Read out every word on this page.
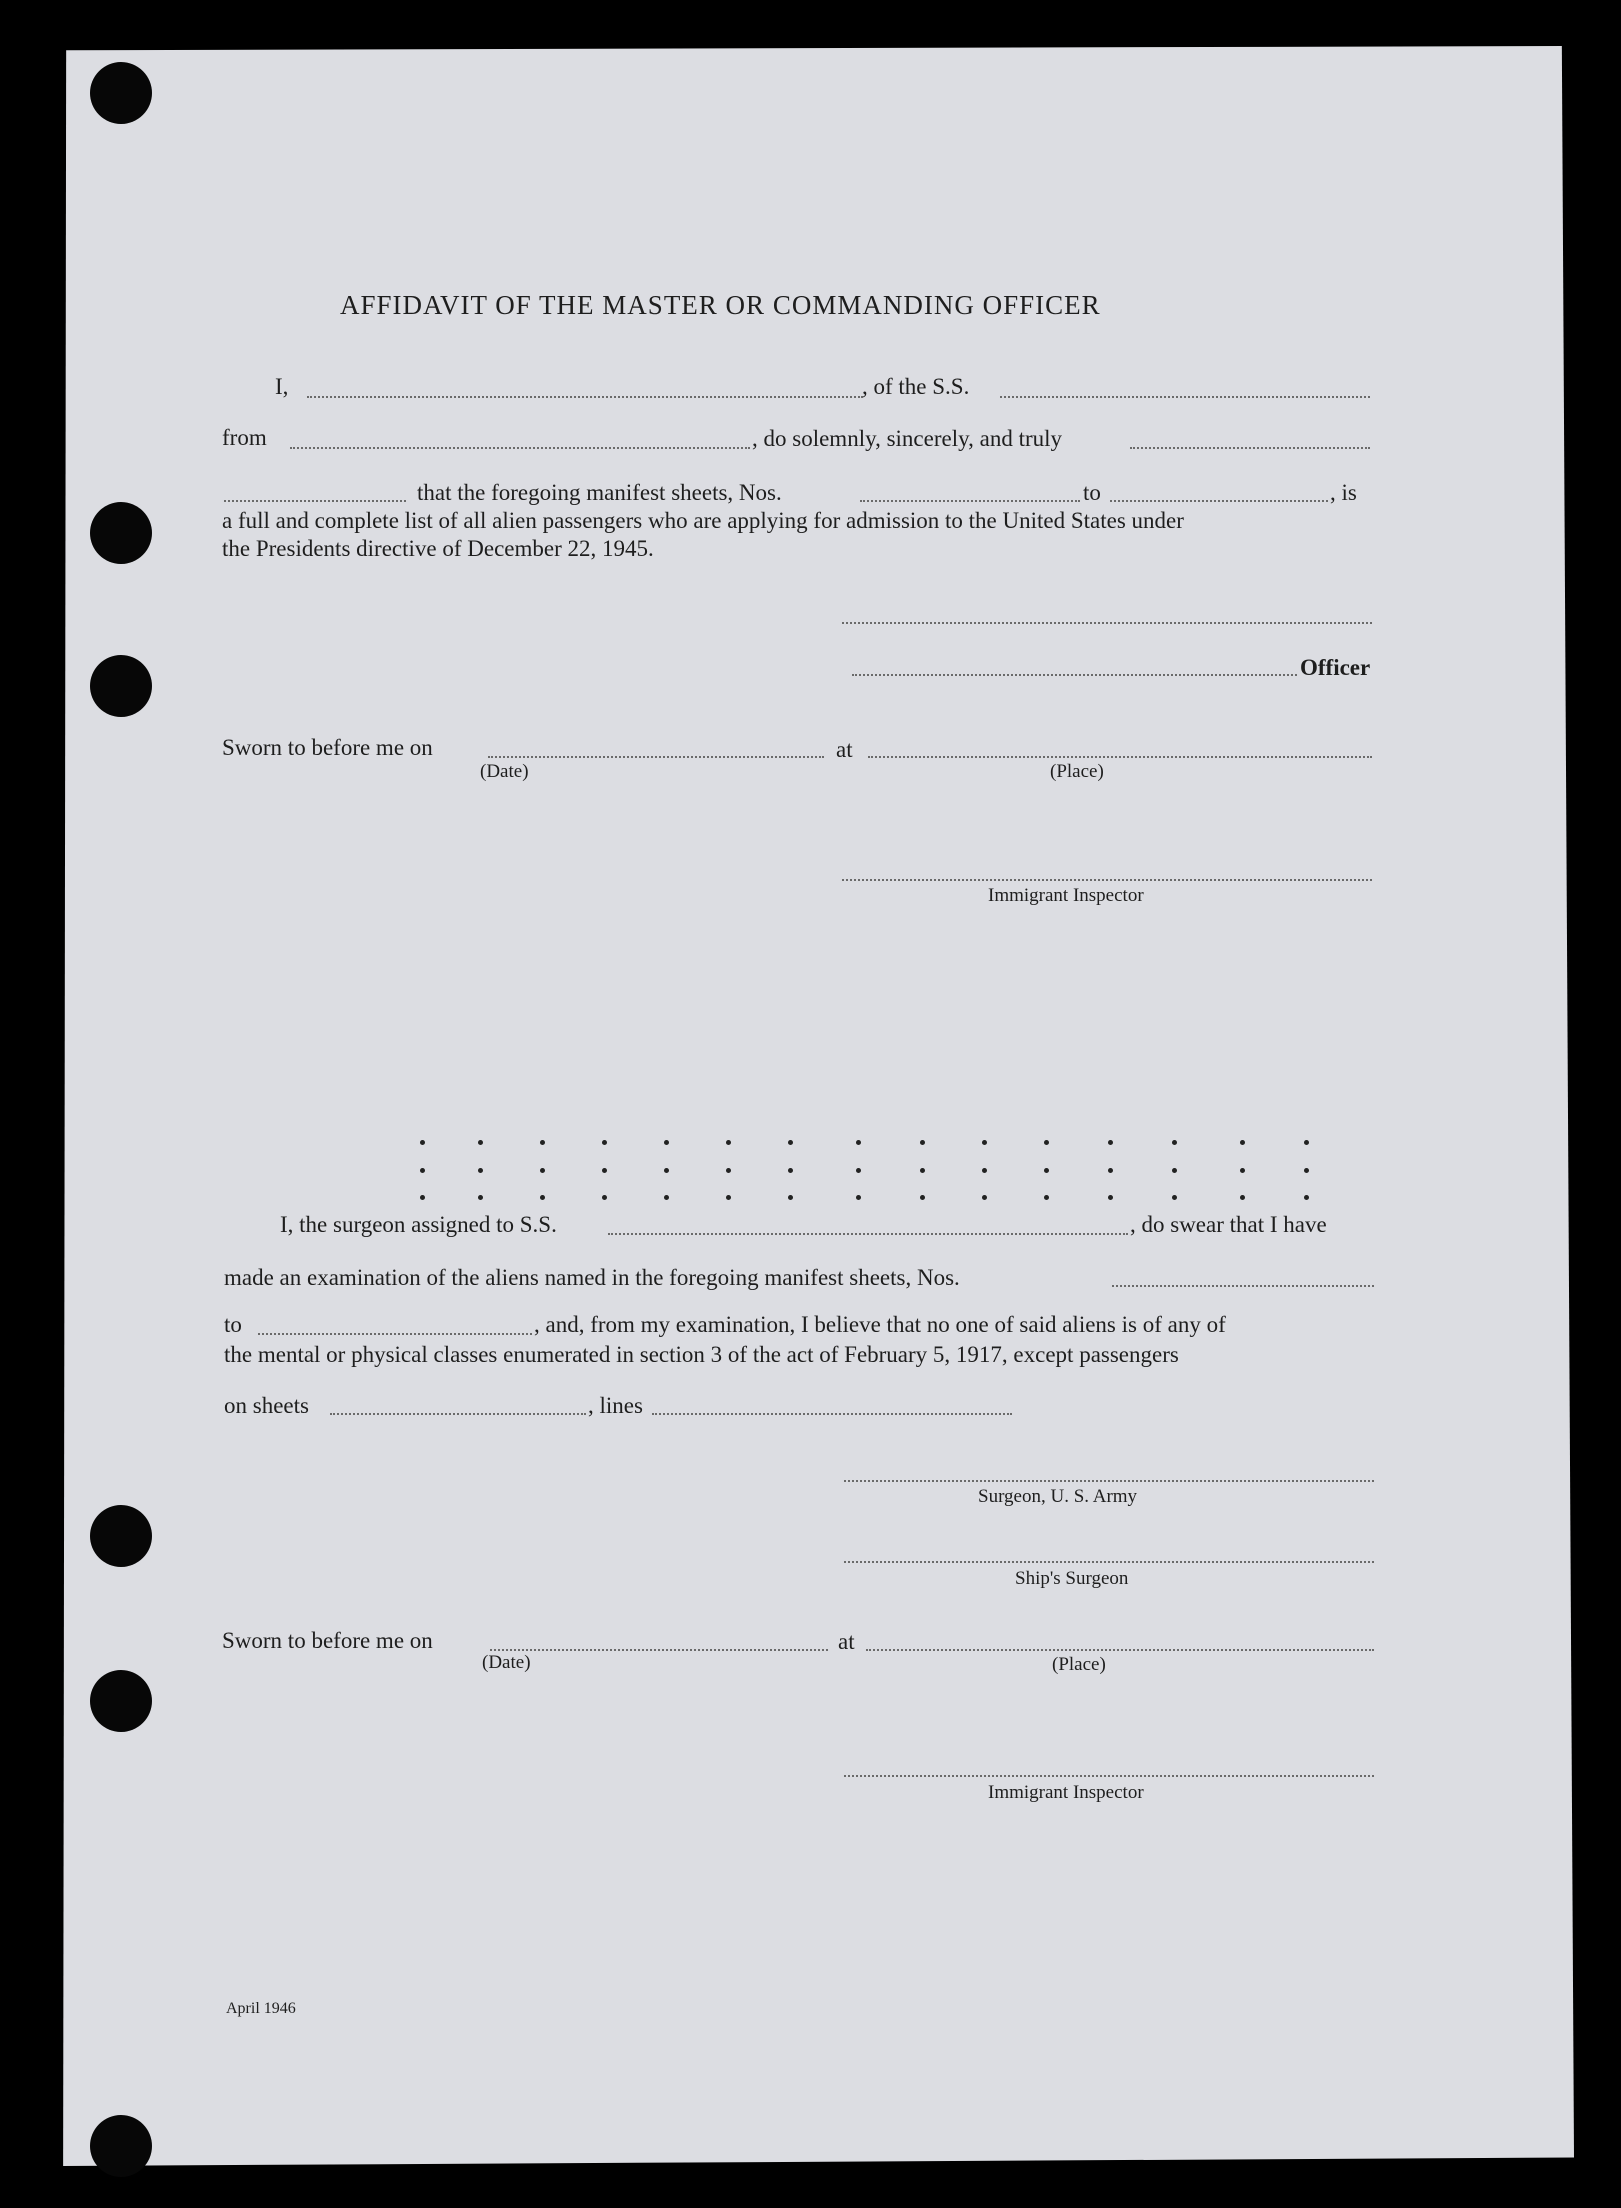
AFFIDAVIT OF THE MASTER OR COMMANDING OFFICER
I,	, of the S.S.
from	, do solemnly, sincerely, and truly
that the foregoing manifest sheets, Nos.	to	, is
a full and complete list of all alien passengers who are applying for admission to the United States under
the Presidents directive of December 22, 1945.
Officer
Sworn to before me on
(Date)
at
(Place)
Immigrant Inspector
I, the surgeon assigned to S.S.	, do swear that I have
made an examination of the aliens named in the foregoing manifest sheets, Nos.
to	, and, from my examination, I believe that no one of said aliens is of any of
the mental or physical classes enumerated in section 3 of the act of February 5, 1917, except passengers
on sheets	, lines
Surgeon, U. S. Army
Ship's Surgeon
Sworn to before me on
(Date)
at
(Place)
Immigrant Inspector
April 1946
